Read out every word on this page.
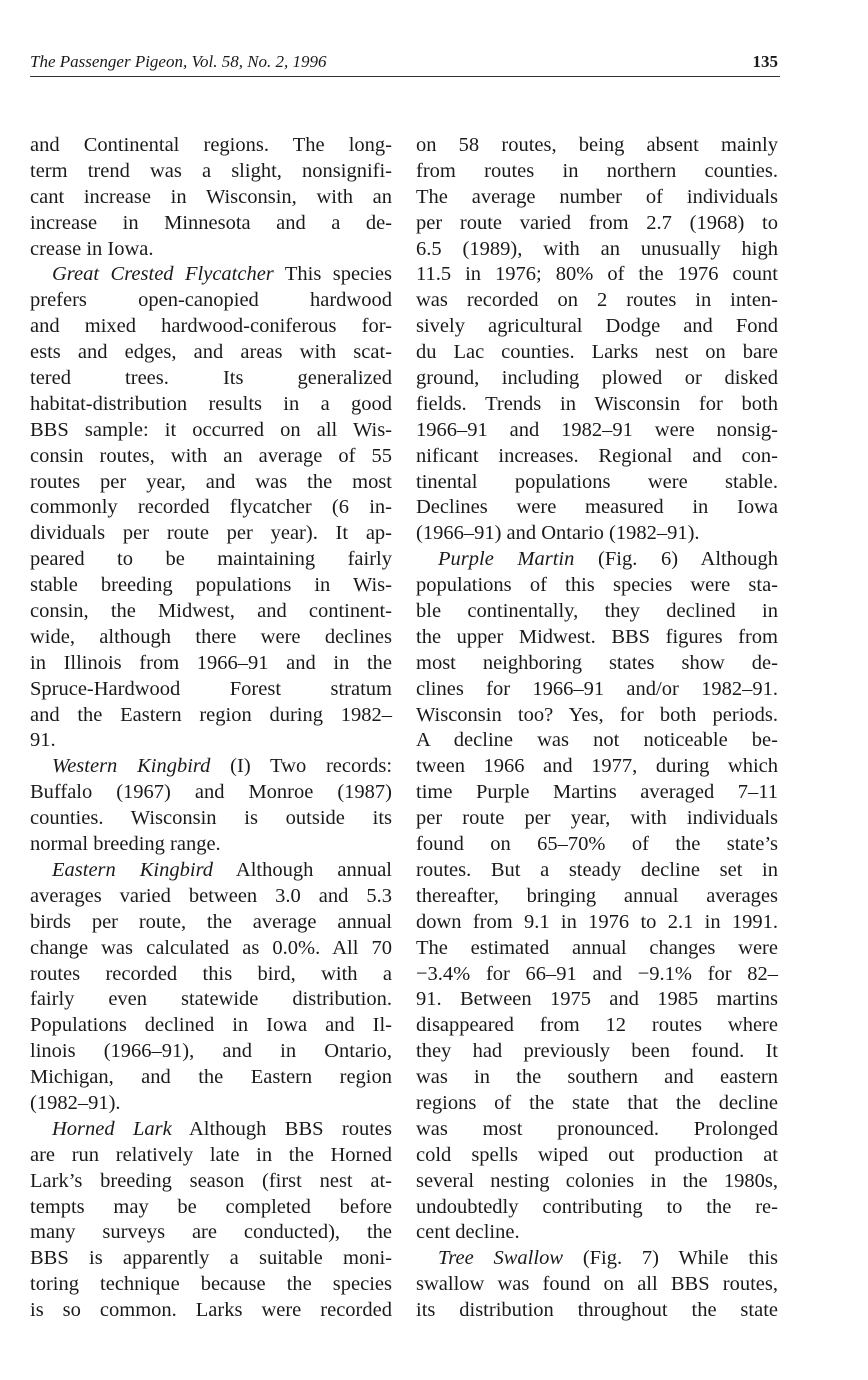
The Passenger Pigeon, Vol. 58, No. 2, 1996	135
and Continental regions. The long-
term trend was a slight, nonsignifi-
cant increase in Wisconsin, with an
increase in Minnesota and a de-
crease in Iowa.
Great Crested Flycatcher This species
prefers open-canopied hardwood
and mixed hardwood-coniferous for-
ests and edges, and areas with scat-
tered trees. Its generalized
habitat-distribution results in a good
BBS sample: it occurred on all Wis-
consin routes, with an average of 55
routes per year, and was the most
commonly recorded flycatcher (6 in-
dividuals per route per year). It ap-
peared to be maintaining fairly
stable breeding populations in Wis-
consin, the Midwest, and continent-
wide, although there were declines
in Illinois from 1966–91 and in the
Spruce-Hardwood Forest stratum
and the Eastern region during 1982–
91.
Western Kingbird (I) Two records:
Buffalo (1967) and Monroe (1987)
counties. Wisconsin is outside its
normal breeding range.
Eastern Kingbird Although annual
averages varied between 3.0 and 5.3
birds per route, the average annual
change was calculated as 0.0%. All 70
routes recorded this bird, with a
fairly even statewide distribution.
Populations declined in Iowa and Il-
linois (1966–91), and in Ontario,
Michigan, and the Eastern region
(1982–91).
Horned Lark Although BBS routes
are run relatively late in the Horned
Lark’s breeding season (first nest at-
tempts may be completed before
many surveys are conducted), the
BBS is apparently a suitable moni-
toring technique because the species
is so common. Larks were recorded
on 58 routes, being absent mainly
from routes in northern counties.
The average number of individuals
per route varied from 2.7 (1968) to
6.5 (1989), with an unusually high
11.5 in 1976; 80% of the 1976 count
was recorded on 2 routes in inten-
sively agricultural Dodge and Fond
du Lac counties. Larks nest on bare
ground, including plowed or disked
fields. Trends in Wisconsin for both
1966–91 and 1982–91 were nonsig-
nificant increases. Regional and con-
tinental populations were stable.
Declines were measured in Iowa
(1966–91) and Ontario (1982–91).
Purple Martin (Fig. 6) Although
populations of this species were sta-
ble continentally, they declined in
the upper Midwest. BBS figures from
most neighboring states show de-
clines for 1966–91 and/or 1982–91.
Wisconsin too? Yes, for both periods.
A decline was not noticeable be-
tween 1966 and 1977, during which
time Purple Martins averaged 7–11
per route per year, with individuals
found on 65–70% of the state’s
routes. But a steady decline set in
thereafter, bringing annual averages
down from 9.1 in 1976 to 2.1 in 1991.
The estimated annual changes were
−3.4% for 66–91 and −9.1% for 82–
91. Between 1975 and 1985 martins
disappeared from 12 routes where
they had previously been found. It
was in the southern and eastern
regions of the state that the decline
was most pronounced. Prolonged
cold spells wiped out production at
several nesting colonies in the 1980s,
undoubtedly contributing to the re-
cent decline.
Tree Swallow (Fig. 7) While this
swallow was found on all BBS routes,
its distribution throughout the state
